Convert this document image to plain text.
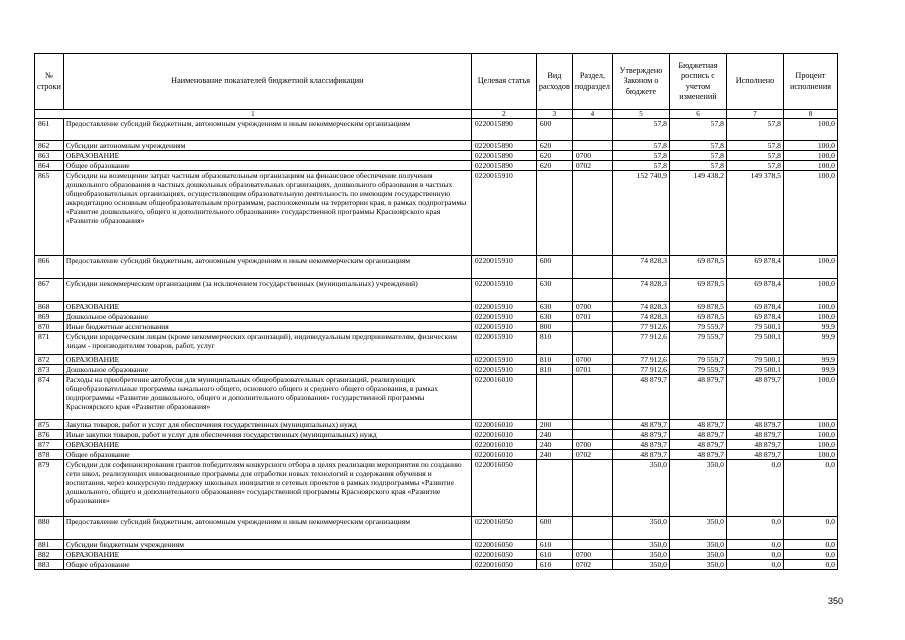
№ строки	Наименование показателей бюджетной классификации	Целевая статья	Вид расходов	Раздел, подраздел	Утверждено Законом о бюджете	Бюджетная роспись с учетом изменений	Исполнено	Процент исполнения
1		2	3	4	5	6	7	8
861	Предоставление субсидий бюджетным, автономным учреждениям и иным некоммерческим организациям	0220015890	600		57,8	57,8	57,8	100,0
862	Субсидии автономным учреждениям	0220015890	620		57,8	57,8	57,8	100,0
863	ОБРАЗОВАНИЕ	0220015890	620	0700	57,8	57,8	57,8	100,0
864	Общее образование	0220015890	620	0702	57,8	57,8	57,8	100,0
865	Субсидии на возмещение затрат частным образовательным организациям на финансовое обеспечение получения дошкольного образования в частных дошкольных образовательных организациях, дошкольного образования в частных общеобразовательных организациях, осуществляющим образовательную деятельность по имеющим государственную аккредитацию основным общеобразовательным программам, расположенным на территории края, в рамках подпрограммы «Развитие дошкольного, общего и дополнительного образования» государственной программы Красноярского края «Развитие образования»	0220015910			152 740,9	149 438,2	149 378,5	100,0
866	Предоставление субсидий бюджетным, автономным учреждениям и иным некоммерческим организациям	0220015910	600		74 828,3	69 878,5	69 878,4	100,0
867	Субсидии некоммерческим организациям (за исключением государственных (муниципальных) учреждений)	0220015910	630		74 828,3	69 878,5	69 878,4	100,0
868	ОБРАЗОВАНИЕ	0220015910	630	0700	74 828,3	69 878,5	69 878,4	100,0
869	Дошкольное образование	0220015910	630	0701	74 828,3	69 878,5	69 878,4	100,0
870	Иные бюджетные ассигнования	0220015910	800		77 912,6	79 559,7	79 500,1	99,9
871	Субсидии юридическим лицам (кроме некоммерческих организаций), индивидуальным предпринимателям, физическим лицам - производителям товаров, работ, услуг	0220015910	810		77 912,6	79 559,7	79 500,1	99,9
872	ОБРАЗОВАНИЕ	0220015910	810	0700	77 912,6	79 559,7	79 500,1	99,9
873	Дошкольное образование	0220015910	810	0701	77 912,6	79 559,7	79 500,1	99,9
874	Расходы на приобретение автобусов для муниципальных общеобразовательных организаций, реализующих общеобразовательные программы начального общего, основного общего и среднего общего образования, в рамках подпрограммы «Развитие дошкольного, общего и дополнительного образования» государственной программы Красноярского края «Развитие образования»	0220016010			48 879,7	48 879,7	48 879,7	100,0
875	Закупка товаров, работ и услуг для обеспечения государственных (муниципальных) нужд	0220016010	200		48 879,7	48 879,7	48 879,7	100,0
876	Иные закупки товаров, работ и услуг для обеспечения государственных (муниципальных) нужд	0220016010	240		48 879,7	48 879,7	48 879,7	100,0
877	ОБРАЗОВАНИЕ	0220016010	240	0700	48 879,7	48 879,7	48 879,7	100,0
878	Общее образование	0220016010	240	0702	48 879,7	48 879,7	48 879,7	100,0
879	Субсидии для софинансирования грантов победителям конкурсного отбора в целях реализации мероприятия по созданию сети школ, реализующих инновационные программы для отработки новых технологий и содержания обучения и воспитания, через конкурсную поддержку школьных инициатив и сетевых проектов в рамках подпрограммы «Развитие дошкольного, общего и дополнительного образования» государственной программы Красноярского края «Развитие образования»	0220016050			350,0	350,0	0,0	0,0
880	Предоставление субсидий бюджетным, автономным учреждениям и иным некоммерческим организациям	0220016050	600		350,0	350,0	0,0	0,0
881	Субсидии бюджетным учреждениям	0220016050	610		350,0	350,0	0,0	0,0
882	ОБРАЗОВАНИЕ	0220016050	610	0700	350,0	350,0	0,0	0,0
883	Общее образование	0220016050	610	0702	350,0	350,0	0,0	0,0
350
